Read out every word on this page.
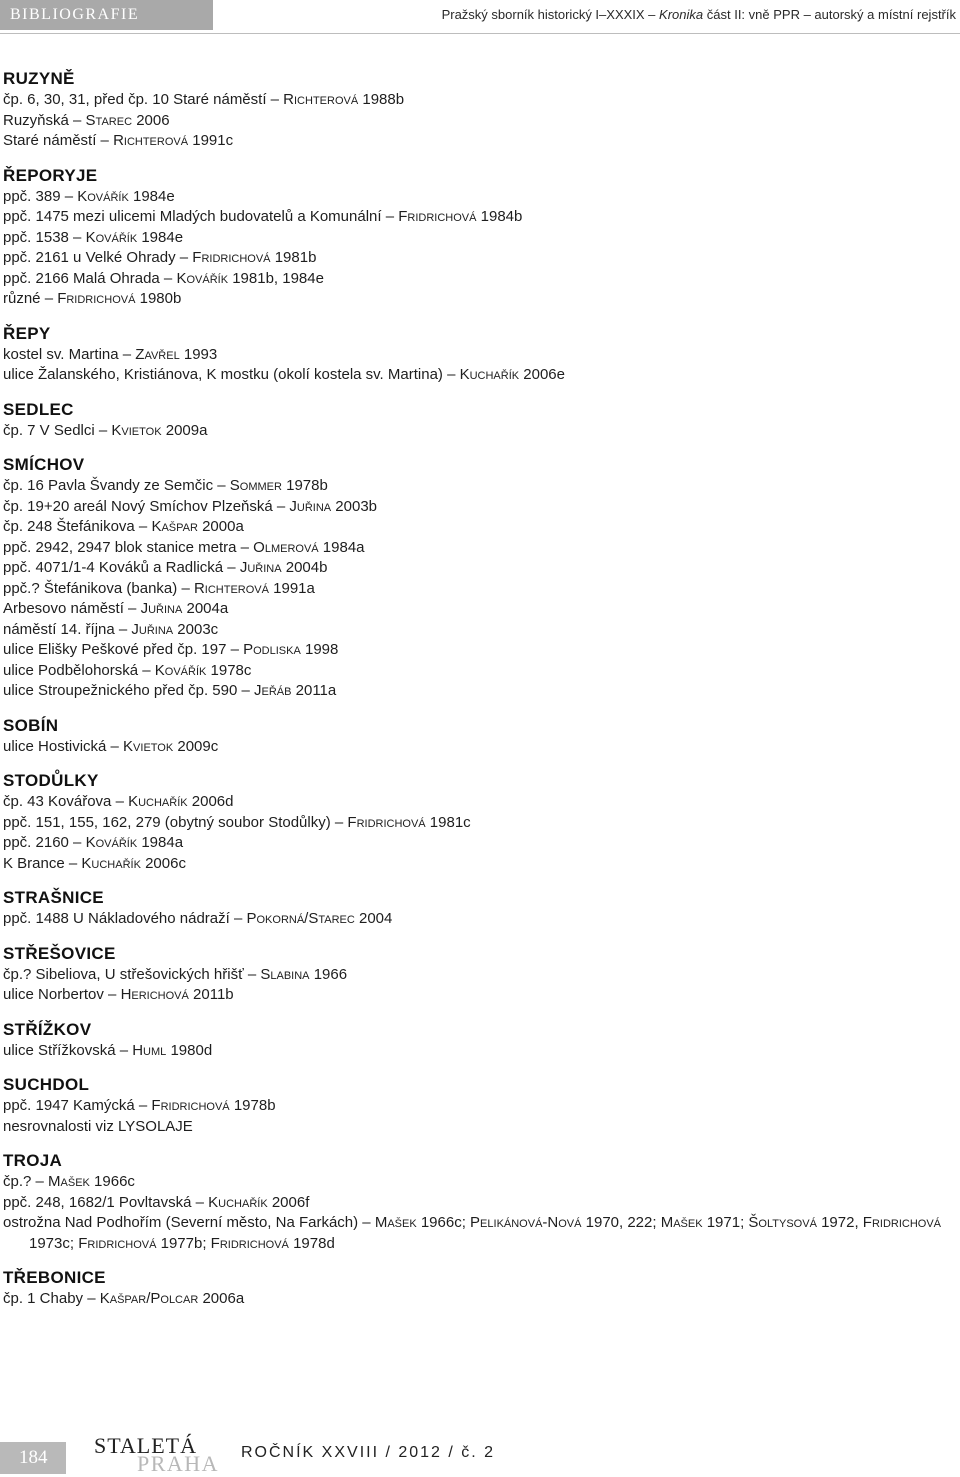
BIBLIOGRAFIE	Pražský sborník historický I–XXXIX – Kronika část II: vně PPR – autorský a místní rejstřík
RUZYNĚ
čp. 6, 30, 31, před čp. 10 Staré náměstí – Richterová 1988b
Ruzyňská – Starec 2006
Staré náměstí – Richterová 1991c
ŘEPORYJE
ppč. 389 – Kovářík 1984e
ppč. 1475 mezi ulicemi Mladých budovatelů a Komunální – Fridrichová 1984b
ppč. 1538 – Kovářík 1984e
ppč. 2161 u Velké Ohrady – Fridrichová 1981b
ppč. 2166 Malá Ohrada – Kovářík 1981b, 1984e
různé – Fridrichová 1980b
ŘEPY
kostel sv. Martina – Zavřel 1993
ulice Žalanského, Kristiánova, K mostku (okolí kostela sv. Martina) – Kuchařík 2006e
SEDLEC
čp. 7 V Sedlci – Kvietok 2009a
SMÍCHOV
čp. 16 Pavla Švandy ze Semčic – Sommer 1978b
čp. 19+20 areál Nový Smíchov Plzeňská – Juřina 2003b
čp. 248 Štefánikova – Kašpar 2000a
ppč. 2942, 2947 blok stanice metra – Olmerová 1984a
ppč. 4071/1-4 Kováků a Radlická – Juřina 2004b
ppč.? Štefánikova (banka) – Richterová 1991a
Arbesovo náměstí – Juřina 2004a
náměstí 14. října – Juřina 2003c
ulice Elišky Peškové před čp. 197 – Podliska 1998
ulice Podbělohorská – Kovářík 1978c
ulice Stroupežnického před čp. 590 – Jeřáb 2011a
SOBÍN
ulice Hostivická – Kvietok 2009c
STODŮLKY
čp. 43 Kovářova – Kuchařík 2006d
ppč. 151, 155, 162, 279 (obytný soubor Stodůlky) – Fridrichová 1981c
ppč. 2160 – Kovářík 1984a
K Brance – Kuchařík 2006c
STRAŠNICE
ppč. 1488 U Nákladového nádraží – Pokorná/Starec 2004
STŘEŠOVICE
čp.? Sibeliova, U střešovických hřišť – Slabina 1966
ulice Norbertov – Herichová 2011b
STŘÍŽKOV
ulice Střížkovská – Huml 1980d
SUCHDOL
ppč. 1947 Kamýcká – Fridrichová 1978b
nesrovnalosti viz LYSOLAJE
TROJA
čp.? – Mašek 1966c
ppč. 248, 1682/1 Povltavská – Kuchařík 2006f
ostrožna Nad Podhořím (Severní město, Na Farkách) – Mašek 1966c; Pelikánová-Nová 1970, 222; Mašek 1971; Šoltysová 1972, Fridrichová 1973c; Fridrichová 1977b; Fridrichová 1978d
TŘEBONICE
čp. 1 Chaby – Kašpar/Polcar 2006a
184 STALETÁ
PRAHA ROČNÍK XXVIII / 2012 / č. 2
